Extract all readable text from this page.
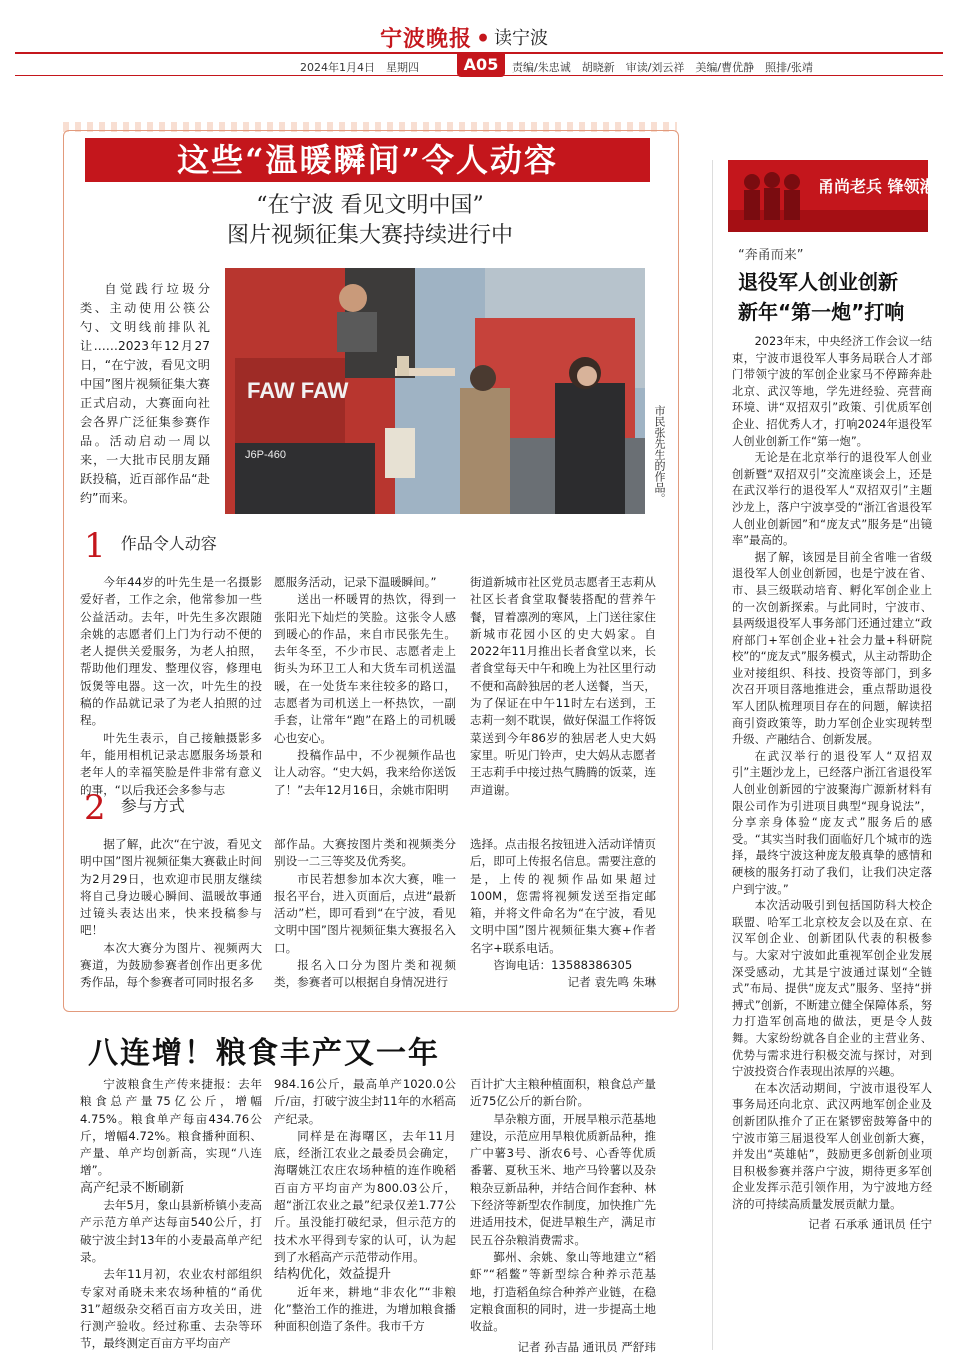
宁波晚报 • 读宁波
2024年1月4日　星期四	A05	责编/朱忠诚　胡晓新　审读/刘云祥　美编/曹优静　照排/张靖
这些“温暖瞬间”令人动容
“在宁波 看见文明中国”
图片视频征集大赛持续进行中
自觉践行垃圾分类、主动使用公筷公勺、文明线前排队礼让……2023年12月27日，“在宁波，看见文明中国”图片视频征集大赛正式启动，大赛面向社会各界广泛征集参赛作品。活动启动一周以来，一大批市民朋友踊跃投稿，近百部作品“赴约”而来。
FAW FAW
J6P-460	市民张先生的作品。
1 作品令人动容

今年44岁的叶先生是一名摄影爱好者，工作之余，他常参加一些公益活动。去年，叶先生多次跟随余姚的志愿者们上门为行动不便的老人提供关爱服务，为老人拍照，帮助他们理发、整理仪容，修理电饭煲等电器。这一次，叶先生的投稿的作品就记录了为老人拍照的过程。

叶先生表示，自己接触摄影多年，能用相机记录志愿服务场景和老年人的幸福笑脸是件非常有意义的事，“以后我还会多参与志

愿服务活动，记录下温暖瞬间。”

送出一杯暖胃的热饮，得到一张阳光下灿烂的笑脸。这张令人感到暖心的作品，来自市民张先生。去年冬至，不少市民、志愿者走上街头为环卫工人和大货车司机送温暖，在一处货车来往较多的路口，志愿者为司机送上一杯热饮，一副手套，让常年“跑”在路上的司机暖心也安心。

投稿作品中，不少视频作品也让人动容。“史大妈，我来给你送饭了！”去年12月16日，余姚市阳明

街道新城市社区党员志愿者王志莉从社区长者食堂取餐装搭配的营养午餐，冒着凛冽的寒风，上门送往家住新城市花园小区的史大妈家。自2022年11月推出长者食堂以来，长者食堂每天中午和晚上为社区里行动不便和高龄独居的老人送餐，当天，为了保证在中午11时左右送到，王志莉一刻不耽误，做好保温工作将饭菜送到今年86岁的独居老人史大妈家里。听见门铃声，史大妈从志愿者王志莉手中接过热气腾腾的饭菜，连声道谢。

2 参与方式

据了解，此次“在宁波，看见文明中国”图片视频征集大赛截止时间为2月29日，也欢迎市民朋友继续将自己身边暖心瞬间、温暖故事通过镜头表达出来，快来投稿参与吧！

本次大赛分为图片、视频两大赛道，为鼓励参赛者创作出更多优秀作品，每个参赛者可同时报名多

部作品。大赛按图片类和视频类分别设一二三等奖及优秀奖。

市民若想参加本次大赛，唯一报名平台，进入页面后，点进“最新活动”栏，即可看到“在宁波，看见文明中国”图片视频征集大赛报名入口。

报名入口分为图片类和视频类，参赛者可以根据自身情况进行

选择。点击报名按钮进入活动详情页后，即可上传报名信息。需要注意的是，上传的视频作品如果超过100M，您需将视频发送至指定邮箱，并将文件命名为“在宁波，看见文明中国”图片视频征集大赛+作者名字+联系电话。

咨询电话：13588386305

记者 袁先鸣 朱琳

八连增！粮食丰产又一年

宁波粮食生产传来捷报：去年粮食总产量75亿公斤，增幅4.75%。粮食单产每亩434.76公斤，增幅4.72%。粮食播种面积、产量、单产均创新高，实现“八连增”。

高产纪录不断刷新

去年5月，象山县新桥镇小麦高产示范方单产达每亩540公斤，打破宁波尘封13年的小麦最高单产纪录。

去年11月初，农业农村部组织专家对甬晓未来农场种植的“甬优31”超级杂交稻百亩方攻关田，进行测产验收。经过称重、去杂等环节，最终测定百亩方平均亩产

984.16公斤，最高单产1020.0公斤/亩，打破宁波尘封11年的水稻高产纪录。

同样是在海曙区，去年11月底，经浙江农业之最委员会确定，海曙姚江农庄农场种植的连作晚稻百亩方平均亩产为800.03公斤，超“浙江农业之最”纪录仅差1.77公斤。虽没能打破纪录，但示范方的技术水平得到专家的认可，认为起到了水稻高产示范带动作用。

结构优化，效益提升

近年来，耕地“非农化”“非粮化”整治工作的推进，为增加粮食播种面积创造了条件。我市千方

百计扩大主粮种植面积，粮食总产量近75亿公斤的新台阶。

旱杂粮方面，开展旱粮示范基地建设，示范应用旱粮优质新品种，推广中薯3号、浙农6号、心香等优质番薯、夏秋玉米、地产马铃薯以及杂粮杂豆新品种，并结合间作套种、林下经济等新型农作制度，加快推广先进适用技术，促进旱粮生产，满足市民五谷杂粮消费需求。

鄞州、余姚、象山等地建立“稻虾”“稻鳖”等新型综合种养示范基地，打造稻鱼综合种养产业链，在稳定粮食面积的同时，进一步提高土地收益。

记者 孙吉晶 通讯员 严舒玮

甬尚老兵 锋领港城
“奔甬而来”
退役军人创业创新
新年“第一炮”打响

2023年末，中央经济工作会议一结束，宁波市退役军人事务局联合人才部门带领宁波的军创企业家马不停蹄奔赴北京、武汉等地，学先进经验、亮营商环境、讲“双招双引”政策、引优质军创企业、招优秀人才，打响2024年退役军人创业创新工作“第一炮”。

无论是在北京举行的退役军人创业创新暨“双招双引”交流座谈会上，还是在武汉举行的退役军人“双招双引”主题沙龙上，落户宁波享受的“浙江省退役军人创业创新园”和“庞友式”服务是“出镜率”最高的。

据了解，该园是目前全省唯一省级退役军人创业创新园，也是宁波在省、市、县三级联动培育、孵化军创企业上的一次创新探索。与此同时，宁波市、县两级退役军人事务部门还通过建立“政府部门+军创企业+社会力量+科研院校”的“庞友式”服务模式，从主动帮助企业对接组织、科技、投资等部门，到多次召开项目落地推进会，重点帮助退役军人团队梳理项目存在的问题，解读招商引资政策等，助力军创企业实现转型升级、产融结合、创新发展。

在武汉举行的退役军人“双招双引”主题沙龙上，已经落户浙江省退役军人创业创新园的宁波聚海广源新材料有限公司作为引进项目典型“现身说法”，分享亲身体验“庞友式”服务后的感受。“其实当时我们面临好几个城市的选择，最终宁波这种庞友般真挚的感情和硬核的服务打动了我们，让我们决定落户到宁波。”

本次活动吸引到包括国防科大校企联盟、哈军工北京校友会以及在京、在汉军创企业、创新团队代表的积极参与。大家对宁波如此重视军创企业发展深受感动，尤其是宁波通过谋划“全链式”布局、提供“庞友式”服务、坚持“拼搏式”创新，不断建立健全保障体系，努力打造军创高地的做法，更是令人鼓舞。大家纷纷就各自企业的主营业务、优势与需求进行积极交流与探讨，对到宁波投资合作表现出浓厚的兴趣。

在本次活动期间，宁波市退役军人事务局还向北京、武汉两地军创企业及创新团队推介了正在紧锣密鼓筹备中的宁波市第三届退役军人创业创新大赛，并发出“英雄帖”，鼓励更多创新创业项目积极参赛并落户宁波，期待更多军创企业发挥示范引领作用，为宁波地方经济的可持续高质量发展贡献力量。

记者 石承承 通讯员 任宁
